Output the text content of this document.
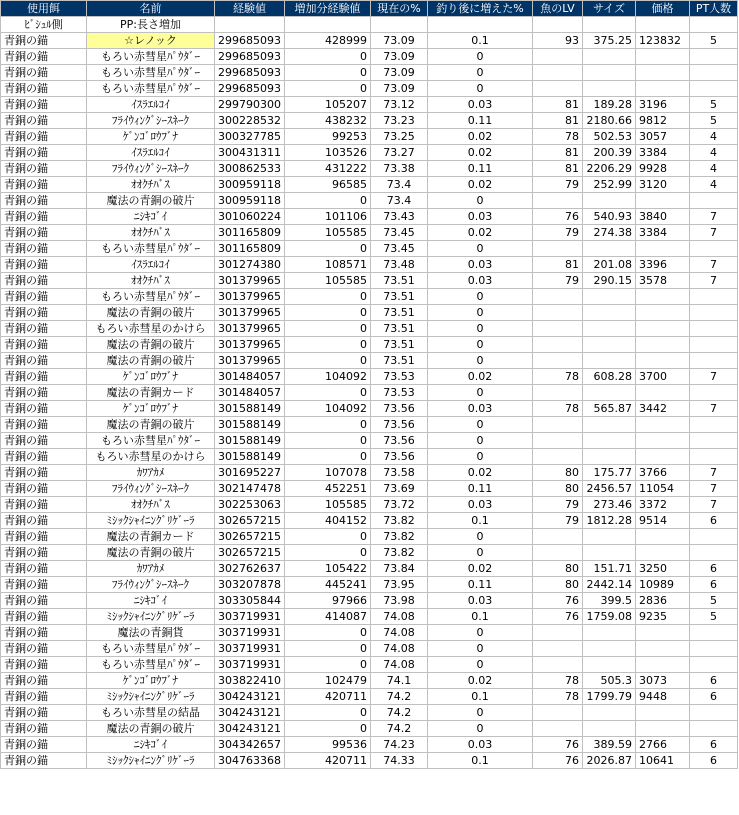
使用餌	名前	経験値	増加分経験値	現在の%	釣り後に増えた%	魚のLV	サイズ	価格	PT人数
ﾋﾞｼｭﾙ側	PP:長さ増加								
青銅の錨	☆レノック	299685093	428999	73.09	0.1	93	375.25	123832	5
青銅の錨	もろい赤彗星ﾊﾟｳﾀﾞｰ	299685093	0	73.09	0				
青銅の錨	もろい赤彗星ﾊﾟｳﾀﾞｰ	299685093	0	73.09	0				
青銅の錨	もろい赤彗星ﾊﾟｳﾀﾞｰ	299685093	0	73.09	0				
青銅の錨	ｲｽﾗｴﾙｺｲ	299790300	105207	73.12	0.03	81	189.28	3196	5
青銅の錨	ﾌﾗｲｳｨﾝｸﾞｼｰｽﾈｰｸ	300228532	438232	73.23	0.11	81	2180.66	9812	5
青銅の錨	ｹﾞﾝｺﾞﾛｳﾌﾞﾅ	300327785	99253	73.25	0.02	78	502.53	3057	4
青銅の錨	ｲｽﾗｴﾙｺｲ	300431311	103526	73.27	0.02	81	200.39	3384	4
青銅の錨	ﾌﾗｲｳｨﾝｸﾞｼｰｽﾈｰｸ	300862533	431222	73.38	0.11	81	2206.29	9928	4
青銅の錨	ｵｵｸﾁﾊﾞｽ	300959118	96585	73.4	0.02	79	252.99	3120	4
青銅の錨	魔法の青銅の破片	300959118	0	73.4	0				
青銅の錨	ﾆｼｷｺﾞｲ	301060224	101106	73.43	0.03	76	540.93	3840	7
青銅の錨	ｵｵｸﾁﾊﾞｽ	301165809	105585	73.45	0.02	79	274.38	3384	7
青銅の錨	もろい赤彗星ﾊﾟｳﾀﾞｰ	301165809	0	73.45	0				
青銅の錨	ｲｽﾗｴﾙｺｲ	301274380	108571	73.48	0.03	81	201.08	3396	7
青銅の錨	ｵｵｸﾁﾊﾞｽ	301379965	105585	73.51	0.03	79	290.15	3578	7
青銅の錨	もろい赤彗星ﾊﾟｳﾀﾞｰ	301379965	0	73.51	0				
青銅の錨	魔法の青銅の破片	301379965	0	73.51	0				
青銅の錨	もろい赤彗星のかけら	301379965	0	73.51	0				
青銅の錨	魔法の青銅の破片	301379965	0	73.51	0				
青銅の錨	魔法の青銅の破片	301379965	0	73.51	0				
青銅の錨	ｹﾞﾝｺﾞﾛｳﾌﾞﾅ	301484057	104092	73.53	0.02	78	608.28	3700	7
青銅の錨	魔法の青銅カード	301484057	0	73.53	0				
青銅の錨	ｹﾞﾝｺﾞﾛｳﾌﾞﾅ	301588149	104092	73.56	0.03	78	565.87	3442	7
青銅の錨	魔法の青銅の破片	301588149	0	73.56	0				
青銅の錨	もろい赤彗星ﾊﾟｳﾀﾞｰ	301588149	0	73.56	0				
青銅の錨	もろい赤彗星のかけら	301588149	0	73.56	0				
青銅の錨	ｶﾜｱｶﾒ	301695227	107078	73.58	0.02	80	175.77	3766	7
青銅の錨	ﾌﾗｲｳｨﾝｸﾞｼｰｽﾈｰｸ	302147478	452251	73.69	0.11	80	2456.57	11054	7
青銅の錨	ｵｵｸﾁﾊﾞｽ	302253063	105585	73.72	0.03	79	273.46	3372	7
青銅の錨	ﾐｼｯｸｼｬｲﾆﾝｸﾞﾘｹﾞｰﾗ	302657215	404152	73.82	0.1	79	1812.28	9514	6
青銅の錨	魔法の青銅カード	302657215	0	73.82	0				
青銅の錨	魔法の青銅の破片	302657215	0	73.82	0				
青銅の錨	ｶﾜｱｶﾒ	302762637	105422	73.84	0.02	80	151.71	3250	6
青銅の錨	ﾌﾗｲｳｨﾝｸﾞｼｰｽﾈｰｸ	303207878	445241	73.95	0.11	80	2442.14	10989	6
青銅の錨	ﾆｼｷｺﾞｲ	303305844	97966	73.98	0.03	76	399.5	2836	5
青銅の錨	ﾐｼｯｸｼｬｲﾆﾝｸﾞﾘｹﾞｰﾗ	303719931	414087	74.08	0.1	76	1759.08	9235	5
青銅の錨	魔法の青銅貨	303719931	0	74.08	0				
青銅の錨	もろい赤彗星ﾊﾟｳﾀﾞｰ	303719931	0	74.08	0				
青銅の錨	もろい赤彗星ﾊﾟｳﾀﾞｰ	303719931	0	74.08	0				
青銅の錨	ｹﾞﾝｺﾞﾛｳﾌﾞﾅ	303822410	102479	74.1	0.02	78	505.3	3073	6
青銅の錨	ﾐｼｯｸｼｬｲﾆﾝｸﾞﾘｹﾞｰﾗ	304243121	420711	74.2	0.1	78	1799.79	9448	6
青銅の錨	もろい赤彗星の結晶	304243121	0	74.2	0				
青銅の錨	魔法の青銅の破片	304243121	0	74.2	0				
青銅の錨	ﾆｼｷｺﾞｲ	304342657	99536	74.23	0.03	76	389.59	2766	6
青銅の錨	ﾐｼｯｸｼｬｲﾆﾝｸﾞﾘｹﾞｰﾗ	304763368	420711	74.33	0.1	76	2026.87	10641	6
